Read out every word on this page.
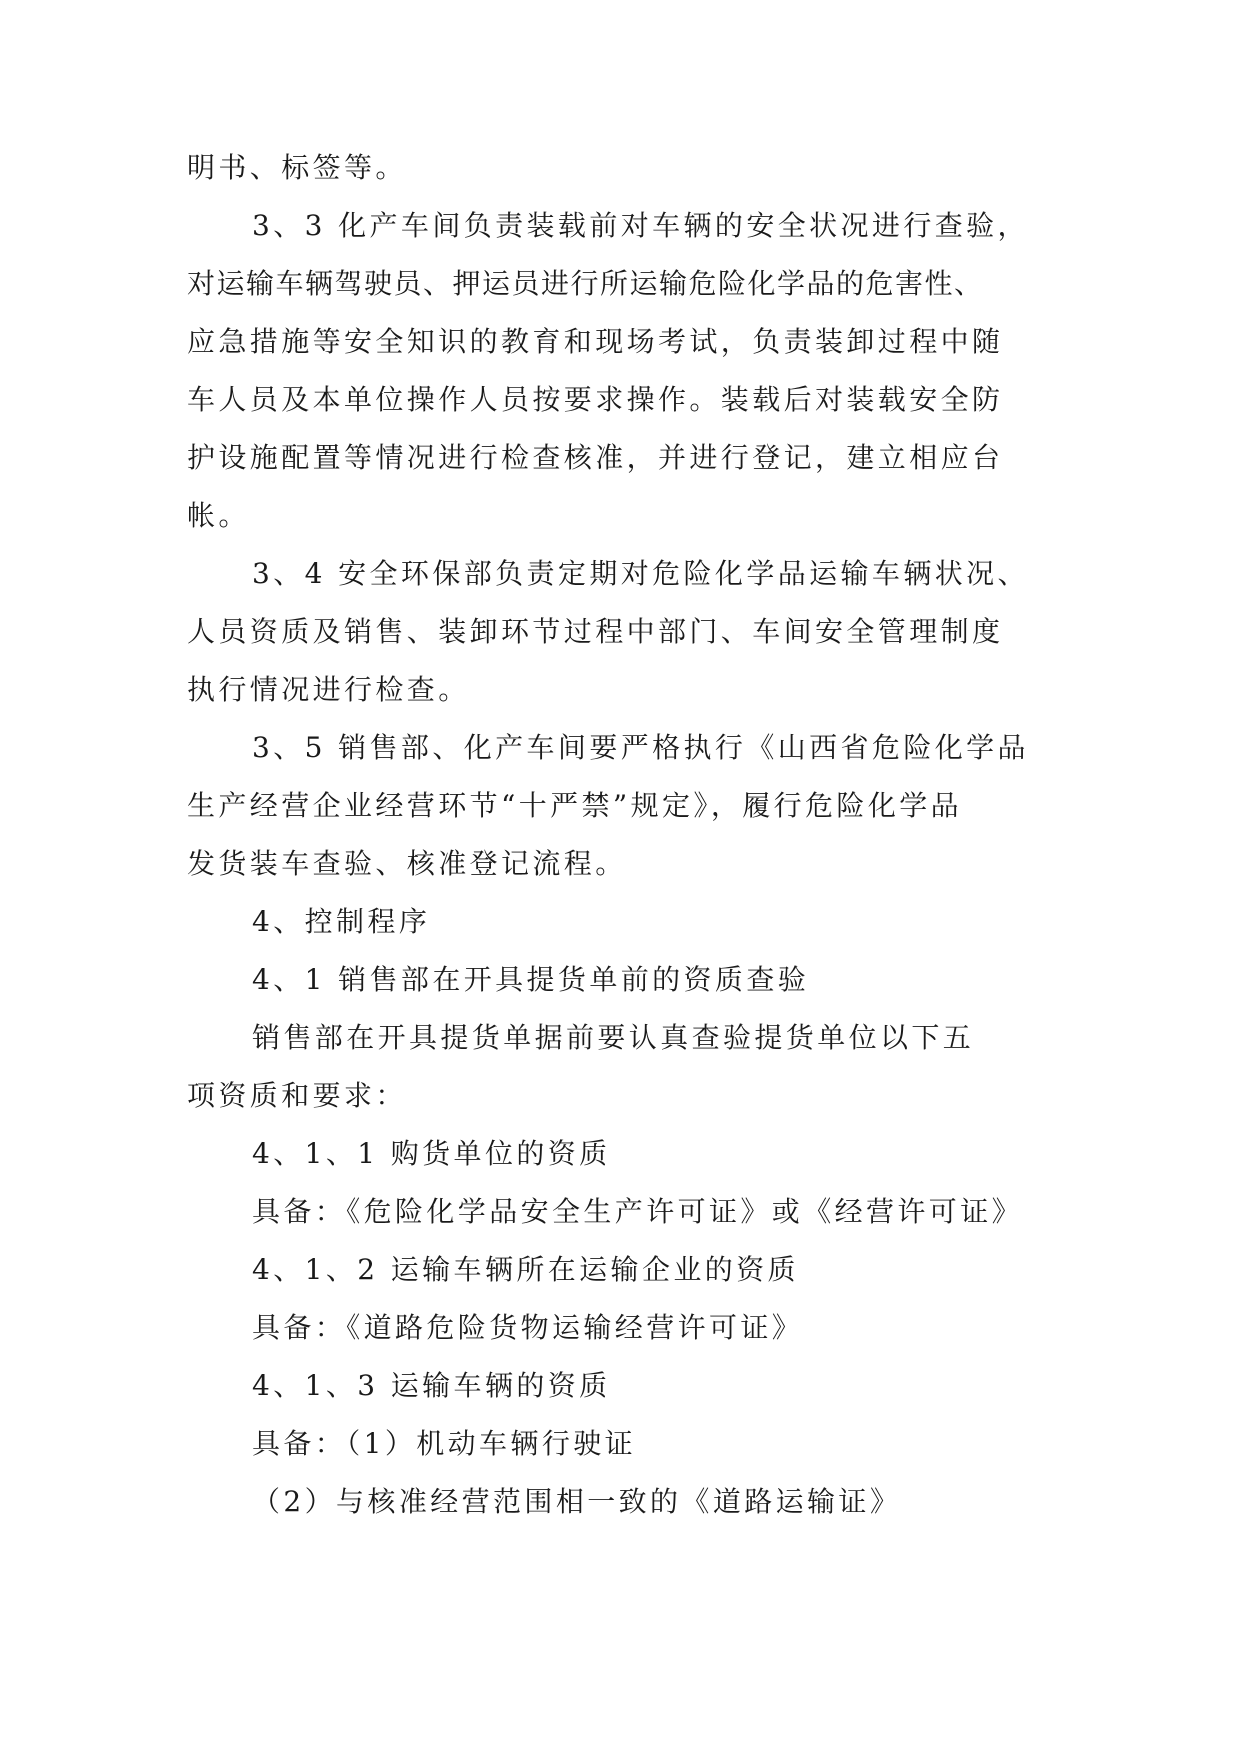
明书、标签等。
3、3 化产车间负责装载前对车辆的安全状况进行查验，
对运输车辆驾驶员、押运员进行所运输危险化学品的危害性、
应急措施等安全知识的教育和现场考试，负责装卸过程中随
车人员及本单位操作人员按要求操作。装载后对装载安全防
护设施配置等情况进行检查核准，并进行登记，建立相应台
帐。
3、4 安全环保部负责定期对危险化学品运输车辆状况、
人员资质及销售、装卸环节过程中部门、车间安全管理制度
执行情况进行检查。
3、5 销售部、化产车间要严格执行《山西省危险化学品
生产经营企业经营环节“十严禁”规定》，履行危险化学品
发货装车查验、核准登记流程。
4、控制程序
4、1 销售部在开具提货单前的资质查验
销售部在开具提货单据前要认真查验提货单位以下五
项资质和要求：
4、1、1 购货单位的资质
具备：《危险化学品安全生产许可证》或《经营许可证》
4、1、2 运输车辆所在运输企业的资质
具备：《道路危险货物运输经营许可证》
4、1、3 运输车辆的资质
具备：（1）机动车辆行驶证
（2）与核准经营范围相一致的《道路运输证》
